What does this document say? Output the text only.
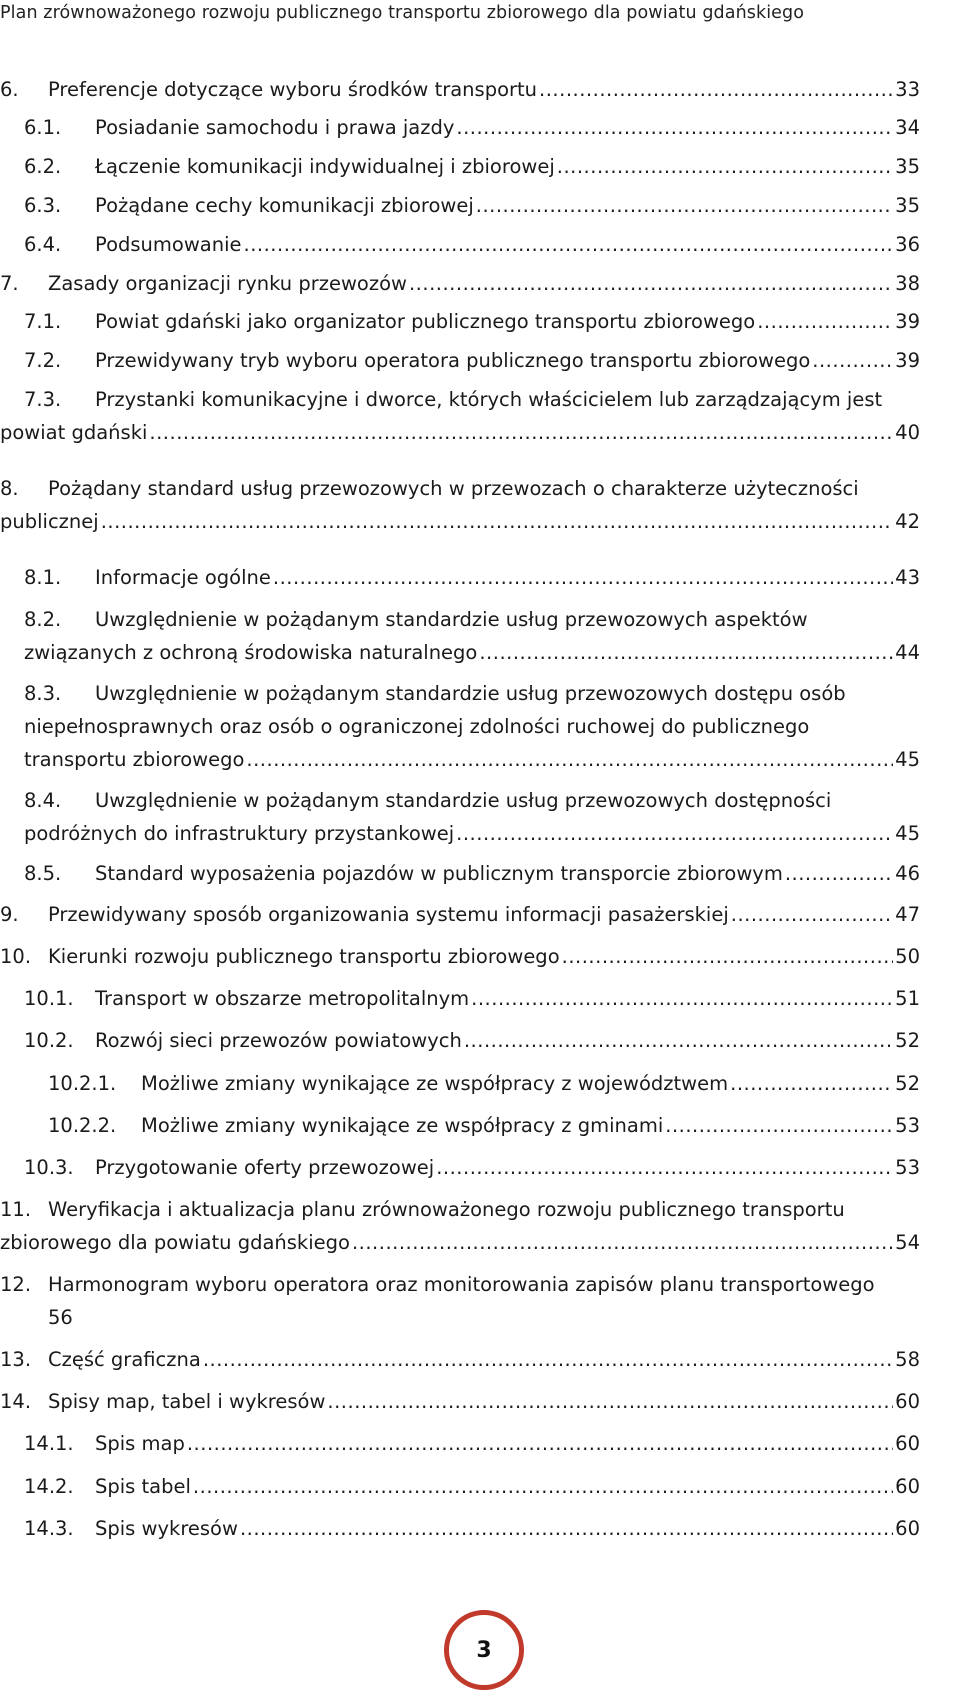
Plan zrównoważonego rozwoju publicznego transportu zbiorowego dla powiatu gdańskiego
6.	Preferencje dotyczące wyboru środków transportu .....	33
6.1.	Posiadanie samochodu i prawa jazdy .....	34
6.2.	Łączenie komunikacji indywidualnej i zbiorowej .....	35
6.3.	Pożądane cechy komunikacji zbiorowej .....	35
6.4.	Podsumowanie .....	36
7.	Zasady organizacji rynku przewozów .....	38
7.1.	Powiat gdański jako organizator publicznego transportu zbiorowego .....	39
7.2.	Przewidywany tryb wyboru operatora publicznego transportu zbiorowego .....	39
7.3.	Przystanki komunikacyjne i dworce, których właścicielem lub zarządzającym jest
powiat gdański .....	40
8.	Pożądany standard usług przewozowych w przewozach o charakterze użyteczności
publicznej .....	42
8.1.	Informacje ogólne .....	43
8.2.	Uwzględnienie w pożądanym standardzie usług przewozowych aspektów
związanych z ochroną środowiska naturalnego .....	44
8.3.	Uwzględnienie w pożądanym standardzie usług przewozowych dostępu osób
niepełnosprawnych oraz osób o ograniczonej zdolności ruchowej do publicznego
transportu zbiorowego .....	45
8.4.	Uwzględnienie w pożądanym standardzie usług przewozowych dostępności
podróżnych do infrastruktury przystankowej .....	45
8.5.	Standard wyposażenia pojazdów w publicznym transporcie zbiorowym .....	46
9.	Przewidywany sposób organizowania systemu informacji pasażerskiej .....	47
10. Kierunki rozwoju publicznego transportu zbiorowego .....	50
10.1.	Transport w obszarze metropolitalnym .....	51
10.2.	Rozwój sieci przewozów powiatowych .....	52
10.2.1.	Możliwe zmiany wynikające ze współpracy z województwem .....	52
10.2.2.	Możliwe zmiany wynikające ze współpracy z gminami .....	53
10.3.	Przygotowanie oferty przewozowej .....	53
11. Weryfikacja i aktualizacja planu zrównoważonego rozwoju publicznego transportu
zbiorowego dla powiatu gdańskiego .....	54
12. Harmonogram wyboru operatora oraz monitorowania zapisów planu transportowego
56
13. Część graficzna .....	58
14. Spisy map, tabel i wykresów .....	60
14.1.	Spis map .....	60
14.2.	Spis tabel .....	60
14.3.	Spis wykresów .....	60
3
